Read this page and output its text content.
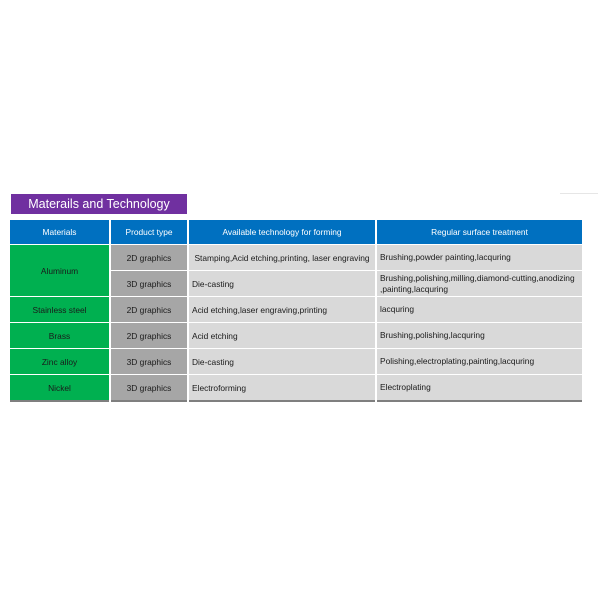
Materails and Technology
Materials	Product type	Available technology for forming	Regular surface treatment
Aluminum	2D graphics	Stamping,Acid etching,printing, laser engraving	Brushing,powder painting,lacquring
	3D graphics	Die-casting	Brushing,polishing,milling,diamond-cutting,anodizing ,painting,lacquring
Stainless steel	2D graphics	Acid etching,laser engraving,printing	lacquring
Brass	2D graphics	Acid etching	Brushing,polishing,lacquring
Zinc alloy	3D graphics	Die-casting	Polishing,electroplating,painting,lacquring
Nickel	3D graphics	Electroforming	Electroplating
